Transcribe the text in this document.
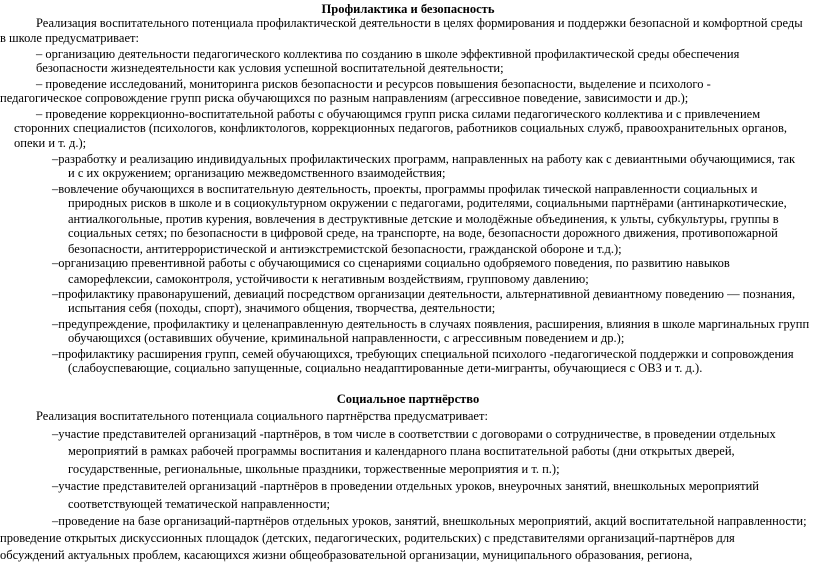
Профилактика и безопасность
Реализация воспитательного потенциала профилактической деятельности в целях формирования и поддержки безопасной и комфортной среды
в школе предусматривает:
– организацию деятельности педагогического коллектива по созданию в школе эффективной профилактической среды обеспечения
безопасности жизнедеятельности как условия успешной воспитательной деятельности;
– проведение исследований, мониторинга рисков безопасности и ресурсов повышения безопасности, выделение и психолого -
педагогическое сопровождение групп риска обучающихся по разным направлениям (агрессивное поведение, зависимости и др.);
– проведение коррекционно-воспитательной работы с обучающимся групп риска силами педагогического коллектива и с привлечением
сторонних специалистов (психологов, конфликтологов, коррекционных педагогов, работников социальных служб, правоохранительных органов,
опеки и т. д.);
–разработку и реализацию индивидуальных профилактических программ, направленных на работу как с девиантными обучающимися, так
и с их окружением; организацию межведомственного взаимодействия;
–вовлечение обучающихся в воспитательную деятельность, проекты, программы профилак тической направленности социальных и
природных рисков в школе и в социокультурном окружении с педагогами, родителями, социальными партнёрами (антинаркотические,
антиалкогольные, против курения, вовлечения в деструктивные детские и молодёжные объединения, к ульты, субкультуры, группы в
социальных сетях; по безопасности в цифровой среде, на транспорте, на воде, безопасности дорожного движения, противопожарной
безопасности, антитеррористической и антиэкстремистской безопасности, гражданской обороне и т.д.);
–организацию превентивной работы с обучающимися со сценариями социально одобряемого поведения, по развитию навыков
саморефлексии, самоконтроля, устойчивости к негативным воздействиям, групповому давлению;
–профилактику правонарушений, девиаций посредством организации деятельности, альтернативной девиантному поведению — познания,
испытания себя (походы, спорт), значимого общения, творчества, деятельности;
–предупреждение, профилактику и целенаправленную деятельность в случаях появления, расширения, влияния в школе маргинальных групп
обучающихся (оставивших обучение, криминальной направленности, с агрессивным поведением и др.);
–профилактику расширения групп, семей обучающихся, требующих специальной психолого -педагогической поддержки и сопровождения
(слабоуспевающие, социально запущенные, социально неадаптированные дети-мигранты, обучающиеся с ОВЗ и т. д.).
Социальное партнёрство
Реализация воспитательного потенциала социального партнёрства предусматривает:
–участие представителей организаций -партнёров, в том числе в соответствии с договорами о сотрудничестве, в проведении отдельных
мероприятий в рамках рабочей программы воспитания и календарного плана воспитательной работы (дни открытых дверей,
государственные, региональные, школьные праздники, торжественные мероприятия и т. п.);
–участие представителей организаций -партнёров в проведении отдельных уроков, внеурочных занятий, внешкольных мероприятий
соответствующей тематической направленности;
–проведение на базе организаций-партнёров отдельных уроков, занятий, внешкольных мероприятий, акций воспитательной направленности;
проведение открытых дискуссионных площадок (детских, педагогических, родительских) с представителями организаций-партнёров для
обсуждений актуальных проблем, касающихся жизни общеобразовательной организации, муниципального образования, региона,
